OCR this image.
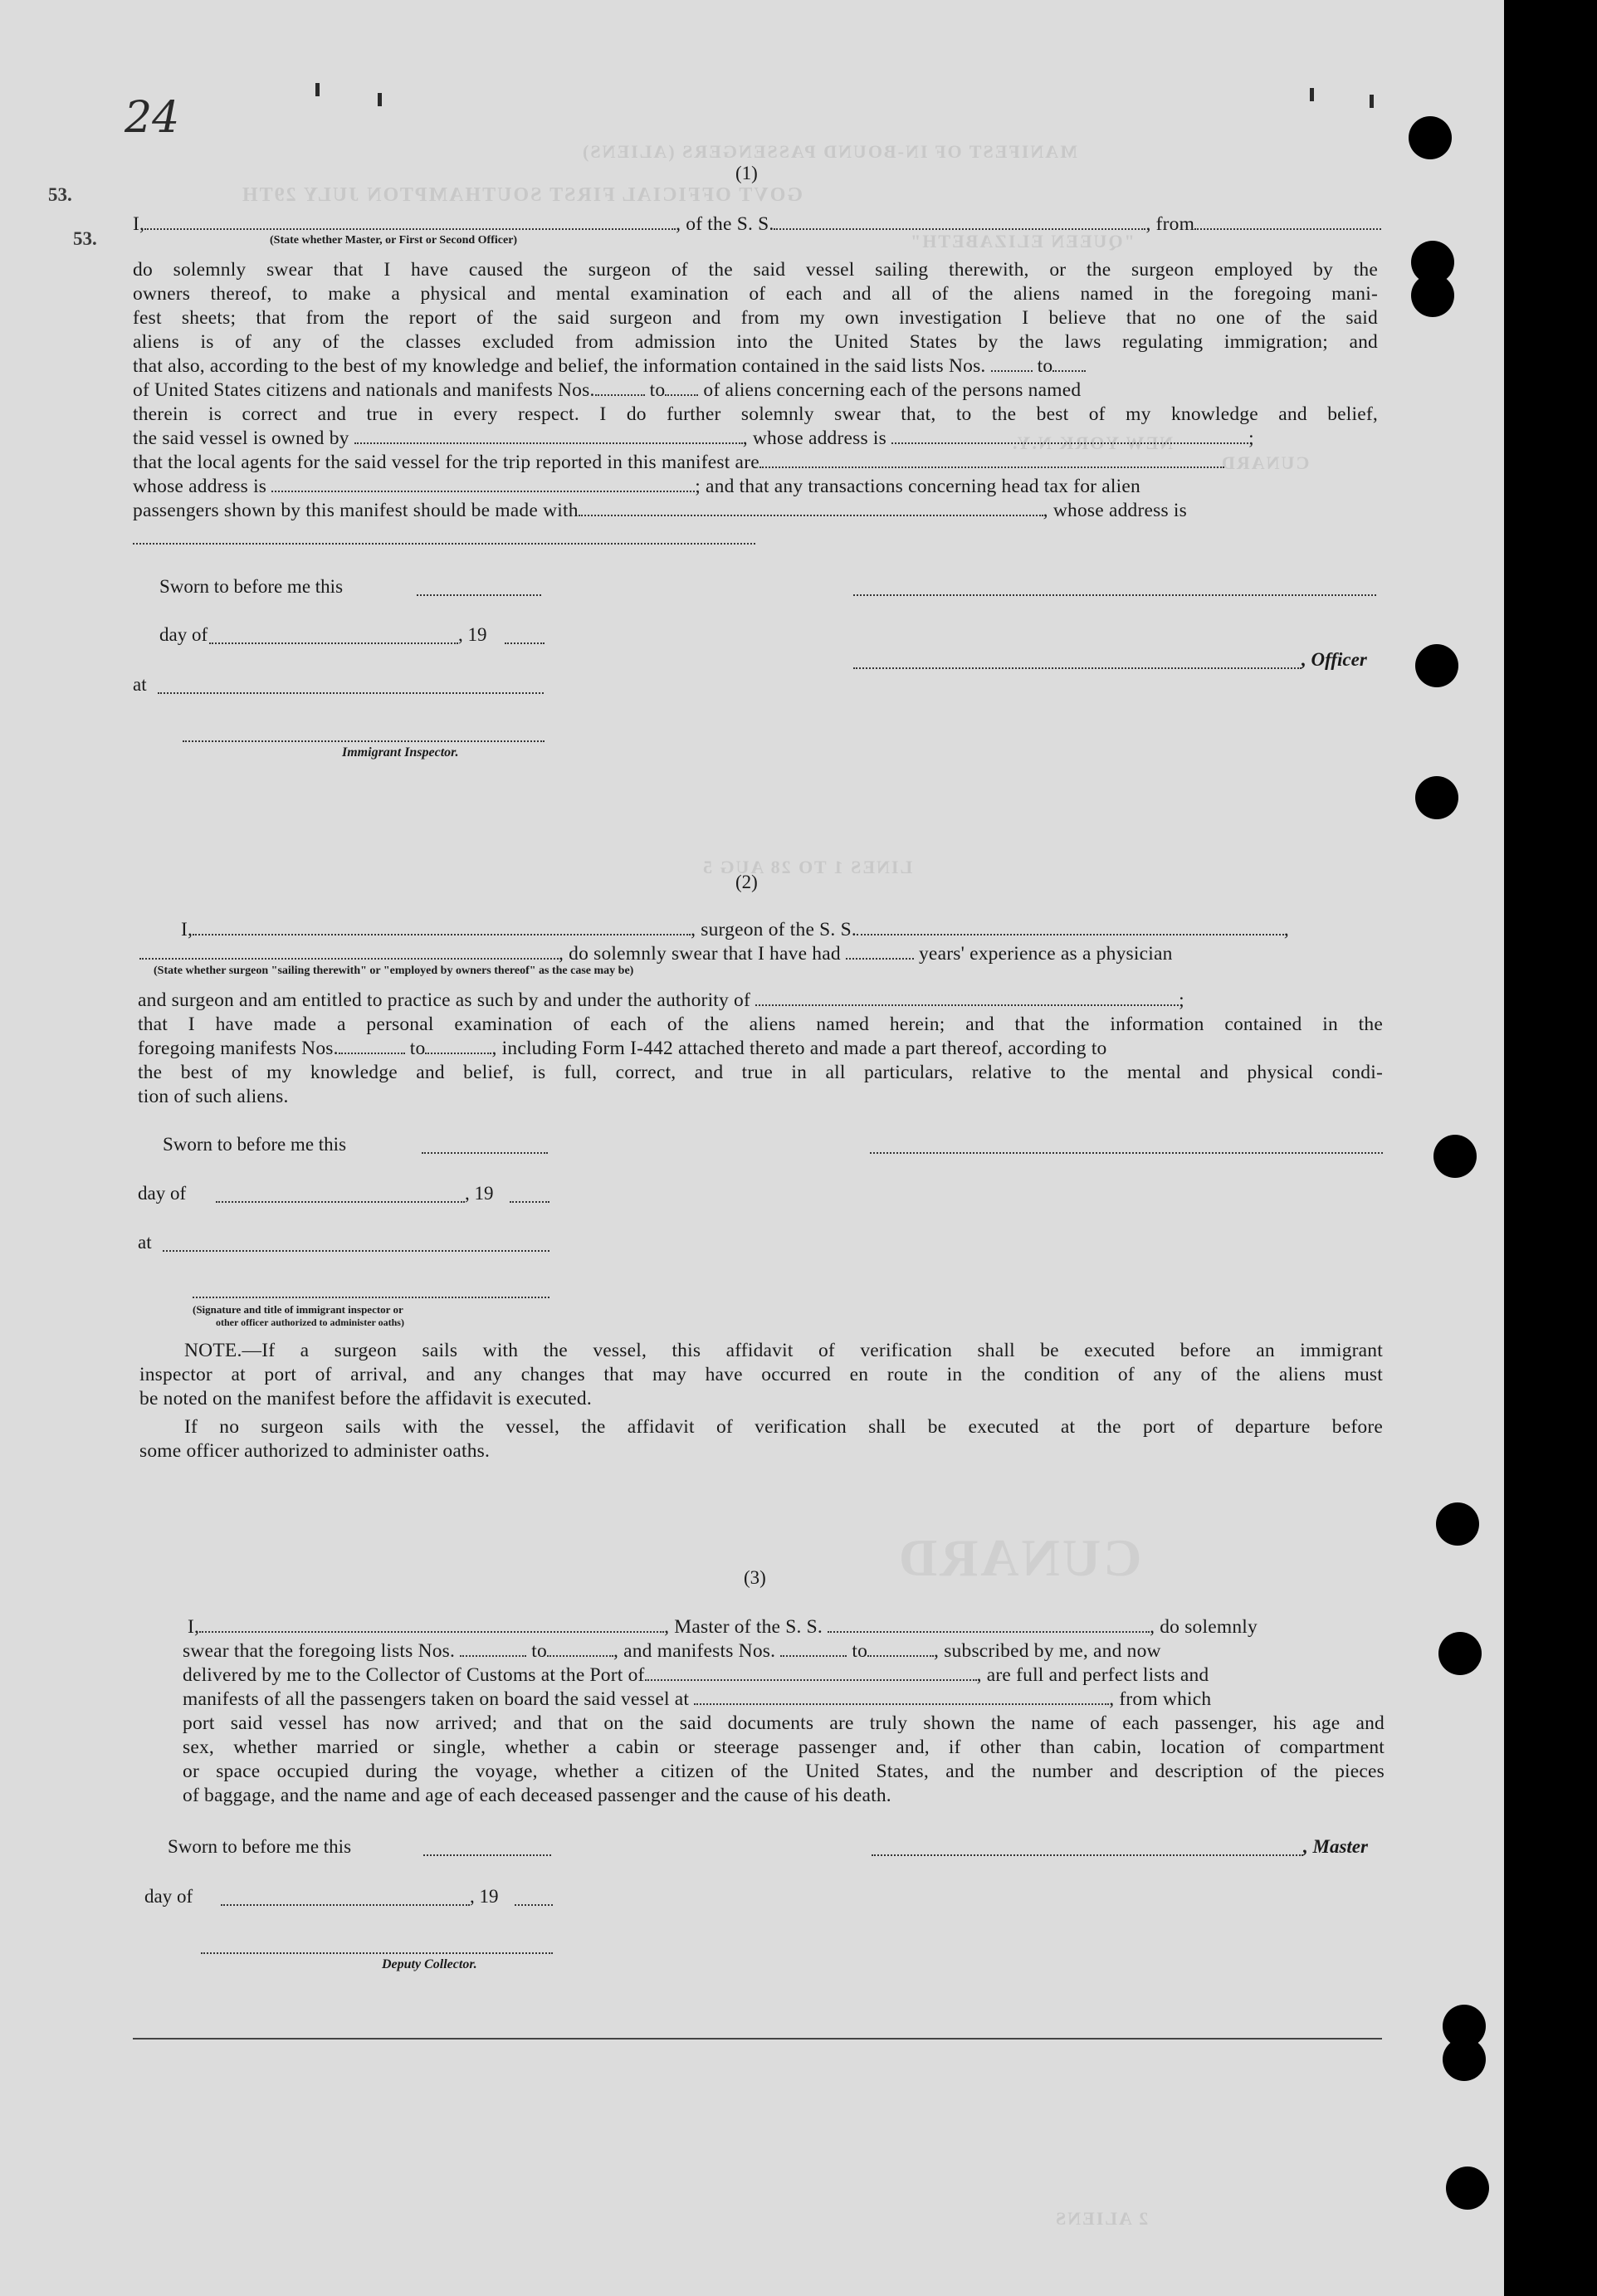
MANIFEST OF IN-BOUND PASSENGERS (ALIENS)
GOVT OFFICIAL FIRST SOUTHAMPTON JULY 29TH
"QUEEN ELIZABETH"
NEW YORK N.Y.
CUNARD
LINES 1 TO 28 AUG 5
CUNARD
2 ALIENS
53.
53.
24
(1)
I,	, of the S. S.	, from
(State whether Master, or First or Second Officer)
do solemnly swear that I have caused the surgeon of the said vessel sailing therewith, or the surgeon employed by the
owners thereof, to make a physical and mental examination of each and all of the aliens named in the foregoing mani-
fest sheets; that from the report of the said surgeon and from my own investigation I believe that no one of the said
aliens is of any of the classes excluded from admission into the United States by the laws regulating immigration; and
that also, according to the best of my knowledge and belief, the information contained in the said lists Nos.	to
of United States citizens and nationals and manifests Nos.	to of aliens concerning each of the persons named
therein is correct and true in every respect. I do further solemnly swear that, to the best of my knowledge and belief,
the said vessel is owned by	, whose address is	;
that the local agents for the said vessel for the trip reported in this manifest are
whose address is	; and that any transactions concerning head tax for alien
passengers shown by this manifest should be made with	, whose address is
Sworn to before me this
day of	, 19
, Officer
at
Immigrant Inspector.
(2)
I,	, surgeon of the S. S.	,
, do solemnly swear that I have had	years' experience as a physician
(State whether surgeon "sailing therewith" or "employed by owners thereof" as the case may be)
and surgeon and am entitled to practice as such by and under the authority of	;
that I have made a personal examination of each of the aliens named herein; and that the information contained in the
foregoing manifests Nos.	to	, including Form I-442 attached thereto and made a part thereof, according to
the best of my knowledge and belief, is full, correct, and true in all particulars, relative to the mental and physical condi-
tion of such aliens.
Sworn to before me this
day of	, 19
at
(Signature and title of immigrant inspector or
other officer authorized to administer oaths)
NOTE.—If a surgeon sails with the vessel, this affidavit of verification shall be executed before an immigrant
inspector at port of arrival, and any changes that may have occurred en route in the condition of any of the aliens must
be noted on the manifest before the affidavit is executed.
If no surgeon sails with the vessel, the affidavit of verification shall be executed at the port of departure before
some officer authorized to administer oaths.
(3)
I,	, Master of the S. S.	, do solemnly
swear that the foregoing lists Nos.	to	, and manifests Nos.	to	, subscribed by me, and now
delivered by me to the Collector of Customs at the Port of	, are full and perfect lists and
manifests of all the passengers taken on board the said vessel at	, from which
port said vessel has now arrived; and that on the said documents are truly shown the name of each passenger, his age and
sex, whether married or single, whether a cabin or steerage passenger and, if other than cabin, location of compartment
or space occupied during the voyage, whether a citizen of the United States, and the number and description of the pieces
of baggage, and the name and age of each deceased passenger and the cause of his death.
Sworn to before me this	, Master
day of	, 19
Deputy Collector.
